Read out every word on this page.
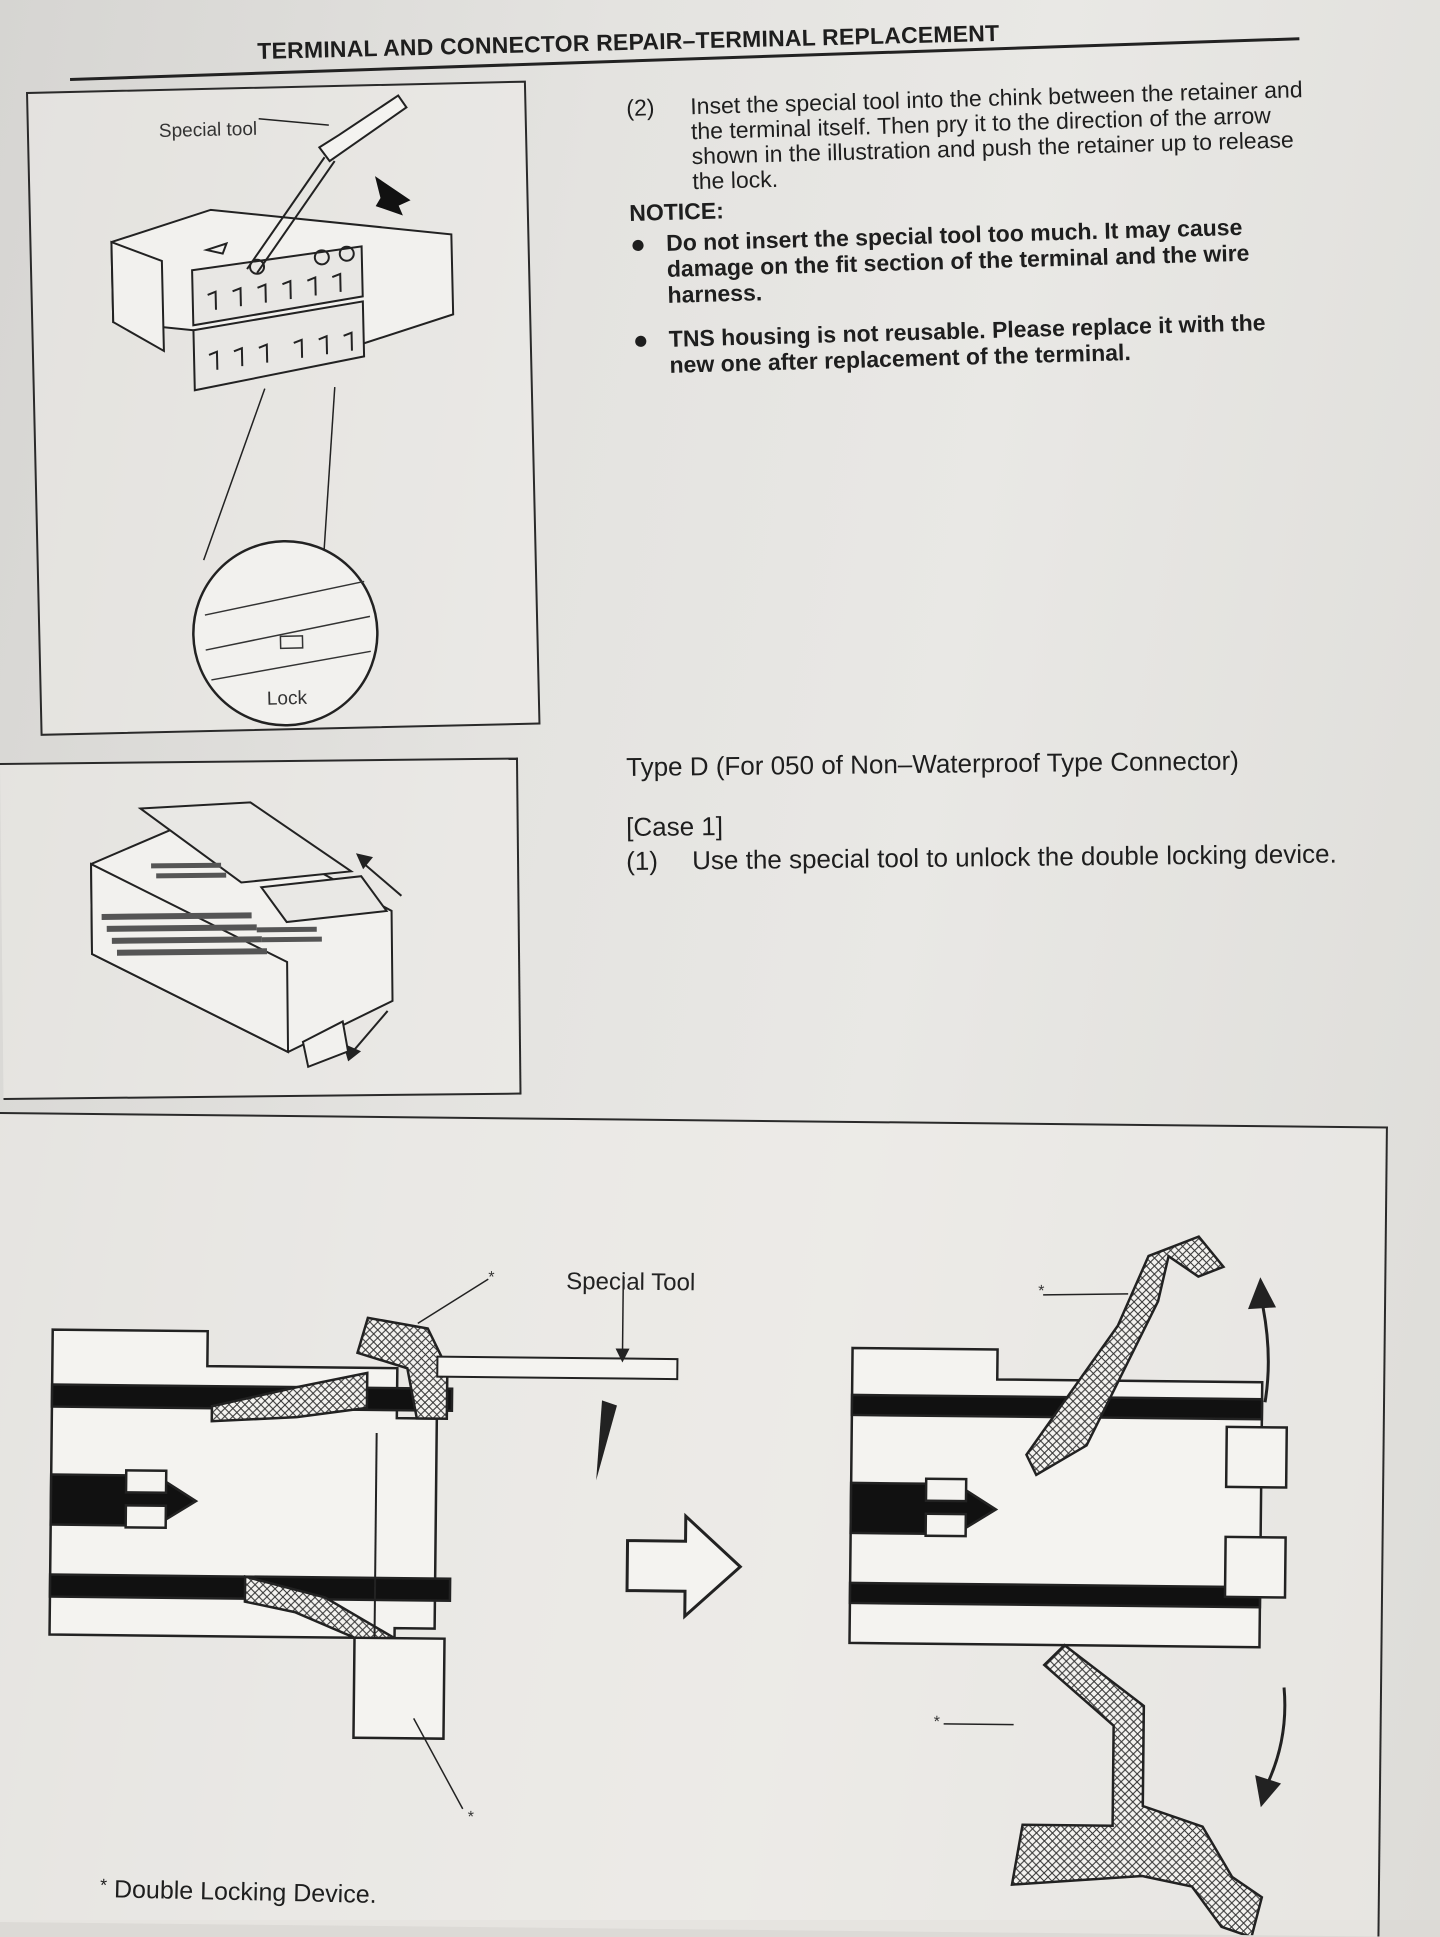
TERMINAL AND CONNECTOR REPAIR–TERMINAL REPLACEMENT
Special tool
Lock
(2)	Inset the special tool into the chink between the retainer and the terminal itself. Then pry it to the direction of the arrow shown in the illustration and push the retainer up to release the lock.
NOTICE:
● Do not insert the special tool too much. It may cause damage on the fit section of the terminal and the wire harness.
● TNS housing is not reusable. Please replace it with the new one after replacement of the terminal.
Type D (For 050 of Non–Waterproof Type Connector)
[Case 1]
(1)	Use the special tool to unlock the double locking device.
Special Tool
*
*
*
*
* Double Locking Device.
